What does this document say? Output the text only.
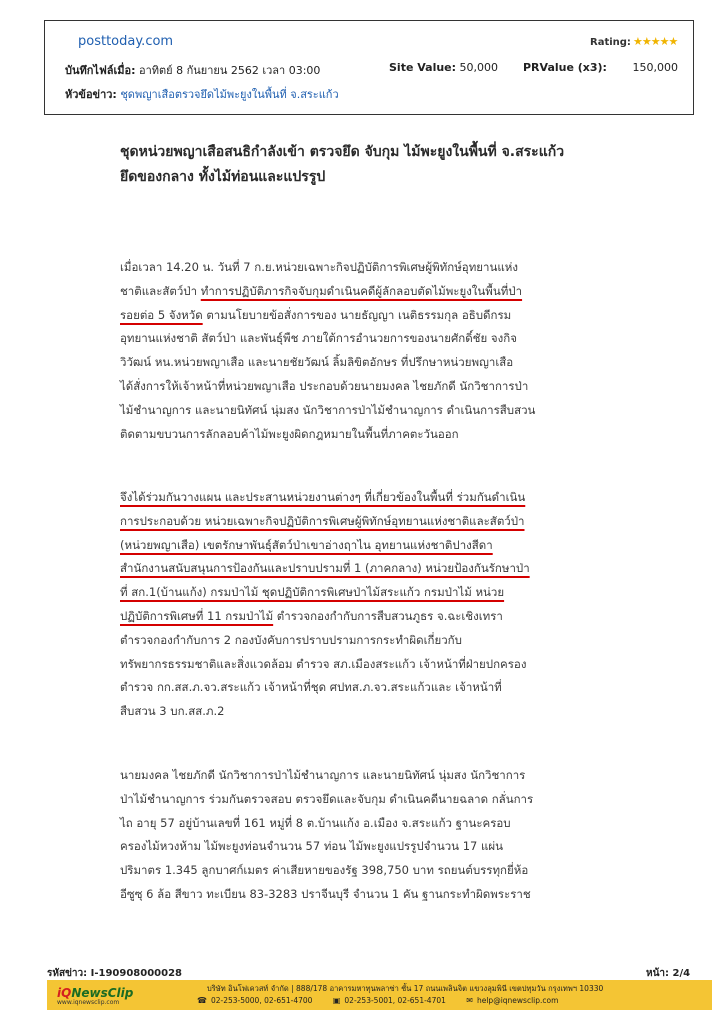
posttoday.com	Rating: ★★★★★
บันทึกไฟล์เมื่อ: อาทิตย์ 8 กันยายน 2562 เวลา 03:00	Site Value: 50,000 PRValue (x3): 150,000
หัวข้อข่าว: ชุดพญาเสือตรวจยึดไม้พะยูงในพื้นที่ จ.สระแก้ว
ชุดหน่วยพญาเสือสนธิกำลังเข้า ตรวจยึด จับกุม ไม้พะยูงในพื้นที่ จ.สระแก้ว
ยึดของกลาง ทั้งไม้ท่อนและแปรรูป

เมื่อเวลา 14.20 น. วันที่ 7 ก.ย.หน่วยเฉพาะกิจปฏิบัติการพิเศษผู้พิทักษ์อุทยานแห่ง
ชาติและสัตว์ป่า ทำการปฏิบัติภารกิจจับกุมดำเนินคดีผู้ลักลอบตัดไม้พะยูงในพื้นที่ป่า
รอยต่อ 5 จังหวัด ตามนโยบายข้อสั่งการของ นายธัญญา เนติธรรมกุล อธิบดีกรม
อุทยานแห่งชาติ สัตว์ป่า และพันธุ์พืช ภายใต้การอำนวยการของนายศักดิ์ชัย จงกิจ
วิวัฒน์ หน.หน่วยพญาเสือ และนายชัยวัฒน์ ลิ้มลิขิตอักษร ที่ปรึกษาหน่วยพญาเสือ
ได้สั่งการให้เจ้าหน้าที่หน่วยพญาเสือ ประกอบด้วยนายมงคล ไชยภักดี นักวิชาการป่า
ไม้ชำนาญการ และนายนิทัศน์ นุ่มสง นักวิชาการป่าไม้ชำนาญการ ดำเนินการสืบสวน
ติดตามขบวนการลักลอบค้าไม้พะยูงผิดกฎหมายในพื้นที่ภาคตะวันออก

จึงได้ร่วมกันวางแผน และประสานหน่วยงานต่างๆ ที่เกี่ยวข้องในพื้นที่ ร่วมกันดำเนิน
การประกอบด้วย หน่วยเฉพาะกิจปฏิบัติการพิเศษผู้พิทักษ์อุทยานแห่งชาติและสัตว์ป่า
(หน่วยพญาเสือ) เขตรักษาพันธุ์สัตว์ป่าเขาอ่างฤาไน อุทยานแห่งชาติปางสีดา
สำนักงานสนับสนุนการป้องกันและปราบปรามที่ 1 (ภาคกลาง) หน่วยป้องกันรักษาป่า
ที่ สก.1(บ้านแก้ง) กรมป่าไม้ ชุดปฏิบัติการพิเศษป่าไม้สระแก้ว กรมป่าไม้ หน่วย
ปฏิบัติการพิเศษที่ 11 กรมป่าไม้ ตำรวจกองกำกับการสืบสวนภูธร จ.ฉะเชิงเทรา
ตำรวจกองกำกับการ 2 กองบังคับการปราบปรามการกระทำผิดเกี่ยวกับ
ทรัพยากรธรรมชาติและสิ่งแวดล้อม ตำรวจ สภ.เมืองสระแก้ว เจ้าหน้าที่ฝ่ายปกครอง
ตำรวจ กก.สส.ภ.จว.สระแก้ว เจ้าหน้าที่ชุด ศปทส.ภ.จว.สระแก้วและ เจ้าหน้าที่
สืบสวน 3 บก.สส.ภ.2

นายมงคล ไชยภักดี นักวิชาการป่าไม้ชำนาญการ และนายนิทัศน์ นุ่มสง นักวิชาการ
ป่าไม้ชำนาญการ ร่วมกันตรวจสอบ ตรวจยึดและจับกุม ดำเนินคดีนายฉลาด กลั่นการ
ไถ อายุ 57 อยู่บ้านเลขที่ 161 หมู่ที่ 8 ต.บ้านแก้ง อ.เมือง จ.สระแก้ว ฐานะครอบ
ครองไม้หวงห้าม ไม้พะยูงท่อนจำนวน 57 ท่อน ไม้พะยูงแปรรูปจำนวน 17 แผ่น
ปริมาตร 1.345 ลูกบาศก์เมตร ค่าเสียหายของรัฐ 398,750 บาท รถยนต์บรรทุกยี่ห้อ
อีซูซุ 6 ล้อ สีขาว ทะเบียน 83-3283 ปราจีนบุรี จำนวน 1 คัน ฐานกระทำผิดพระราช

รหัสข่าว: I-190908000028	หน้า: 2/4
iQNewsClip
www.iqnewsclip.com
บริษัท อินโฟเควสท์ จำกัด | 888/178 อาคารมหาทุนพลาซ่า ชั้น 17 ถนนเพลินจิต แขวงลุมพินี เขตปทุมวัน กรุงเทพฯ 10330
☎ 02-253-5000, 02-651-4700	▣ 02-253-5001, 02-651-4701	✉ help@iqnewsclip.com
